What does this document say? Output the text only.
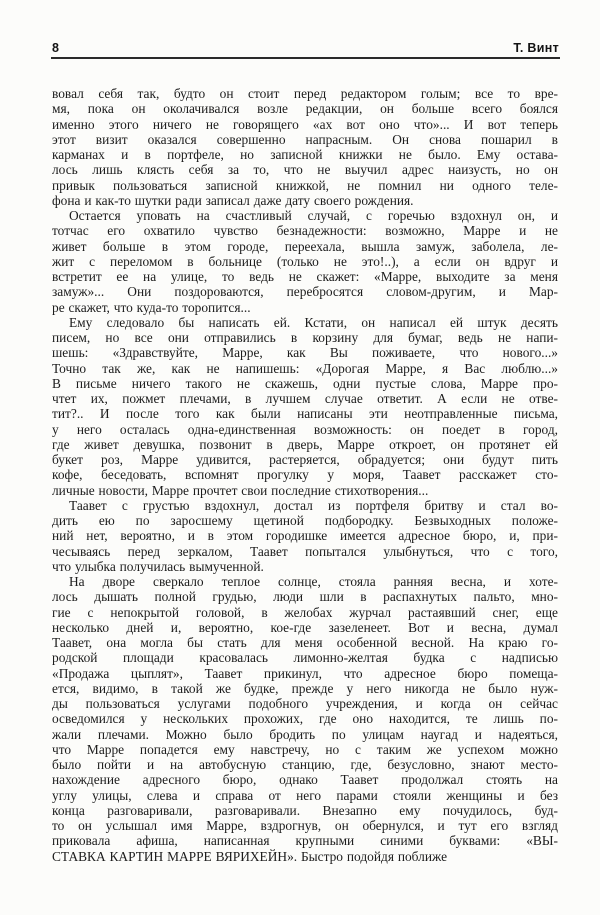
8	Т. Винт
вовал себя так, будто он стоит перед редактором голым; все то вре-
мя, пока он околачивался возле редакции, он больше всего боялся
именно этого ничего не говорящего «ах вот оно что»... И вот теперь
этот визит оказался совершенно напрасным. Он снова пошарил в
карманах и в портфеле, но записной книжки не было. Ему остава-
лось лишь клясть себя за то, что не выучил адрес наизусть, но он
привык пользоваться записной книжкой, не помнил ни одного теле-
фона и как-то шутки ради записал даже дату своего рождения.
Остается уповать на счастливый случай, с горечью вздохнул он, и
тотчас его охватило чувство безнадежности: возможно, Марре и не
живет больше в этом городе, переехала, вышла замуж, заболела, ле-
жит с переломом в больнице (только не это!..), а если он вдруг и
встретит ее на улице, то ведь не скажет: «Марре, выходите за меня
замуж»... Они поздороваются, перебросятся словом-другим, и Мар-
ре скажет, что куда-то торопится...
Ему следовало бы написать ей. Кстати, он написал ей штук десять
писем, но все они отправились в корзину для бумаг, ведь не напи-
шешь: «Здравствуйте, Марре, как Вы поживаете, что нового...»
Точно так же, как не напишешь: «Дорогая Марре, я Вас люблю...»
В письме ничего такого не скажешь, одни пустые слова, Марре про-
чтет их, пожмет плечами, в лучшем случае ответит. А если не отве-
тит?.. И после того как были написаны эти неотправленные письма,
у него осталась одна-единственная возможность: он поедет в город,
где живет девушка, позвонит в дверь, Марре откроет, он протянет ей
букет роз, Марре удивится, растеряется, обрадуется; они будут пить
кофе, беседовать, вспомнят прогулку у моря, Таавет расскажет сто-
личные новости, Марре прочтет свои последние стихотворения...
Таавет с грустью вздохнул, достал из портфеля бритву и стал во-
дить ею по заросшему щетиной подбородку. Безвыходных положе-
ний нет, вероятно, и в этом городишке имеется адресное бюро, и, при-
чесываясь перед зеркалом, Таавет попытался улыбнуться, что с того,
что улыбка получилась вымученной.
На дворе сверкало теплое солнце, стояла ранняя весна, и хоте-
лось дышать полной грудью, люди шли в распахнутых пальто, мно-
гие с непокрытой головой, в желобах журчал растаявший снег, еще
несколько дней и, вероятно, кое-где зазеленеет. Вот и весна, думал
Таавет, она могла бы стать для меня особенной весной. На краю го-
родской площади красовалась лимонно-желтая будка с надписью
«Продажа цыплят», Таавет прикинул, что адресное бюро помеща-
ется, видимо, в такой же будке, прежде у него никогда не было нуж-
ды пользоваться услугами подобного учреждения, и когда он сейчас
осведомился у нескольких прохожих, где оно находится, те лишь по-
жали плечами. Можно было бродить по улицам наугад и надеяться,
что Марре попадется ему навстречу, но с таким же успехом можно
было пойти и на автобусную станцию, где, безусловно, знают место-
нахождение адресного бюро, однако Таавет продолжал стоять на
углу улицы, слева и справа от него парами стояли женщины и без
конца разговаривали, разговаривали. Внезапно ему почудилось, буд-
то он услышал имя Марре, вздрогнув, он обернулся, и тут его взгляд
приковала афиша, написанная крупными синими буквами: «ВЫ-
СТАВКА КАРТИН МАРРЕ ВЯРИХЕЙН». Быстро подойдя поближе
